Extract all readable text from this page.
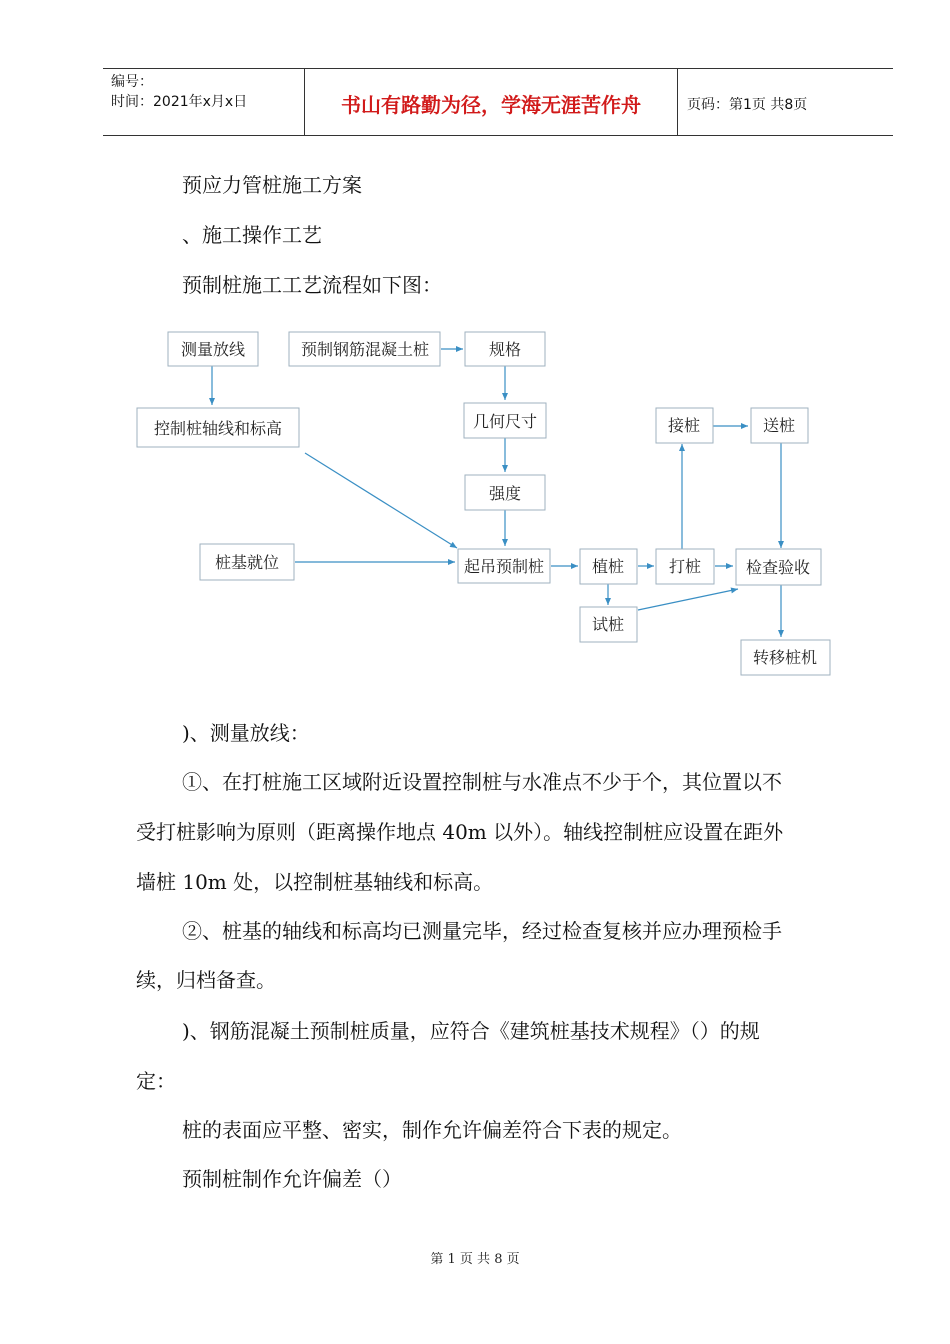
编号：
时间：2021年x月x日	书山有路勤为径，学海无涯苦作舟	页码：第1页 共8页
预应力管桩施工方案
、施工操作工艺
预制桩施工工艺流程如下图：
测量放线
控制桩轴线和标高
桩基就位
预制钢筋混凝土桩	规格
几何尺寸
强度
起吊预制桩	植桩
试桩
打桩
接桩	送桩
检查验收
转移桩机
)、测量放线：
①、在打桩施工区域附近设置控制桩与水准点不少于个，其位置以不
受打桩影响为原则（距离操作地点 40m 以外）。轴线控制桩应设置在距外
墙桩 10m 处，以控制桩基轴线和标高。
②、桩基的轴线和标高均已测量完毕，经过检查复核并应办理预检手
续，归档备查。
)、钢筋混凝土预制桩质量，应符合《建筑桩基技术规程》（）的规
定：
桩的表面应平整、密实，制作允许偏差符合下表的规定。
预制桩制作允许偏差（）
第 1 页 共 8 页
